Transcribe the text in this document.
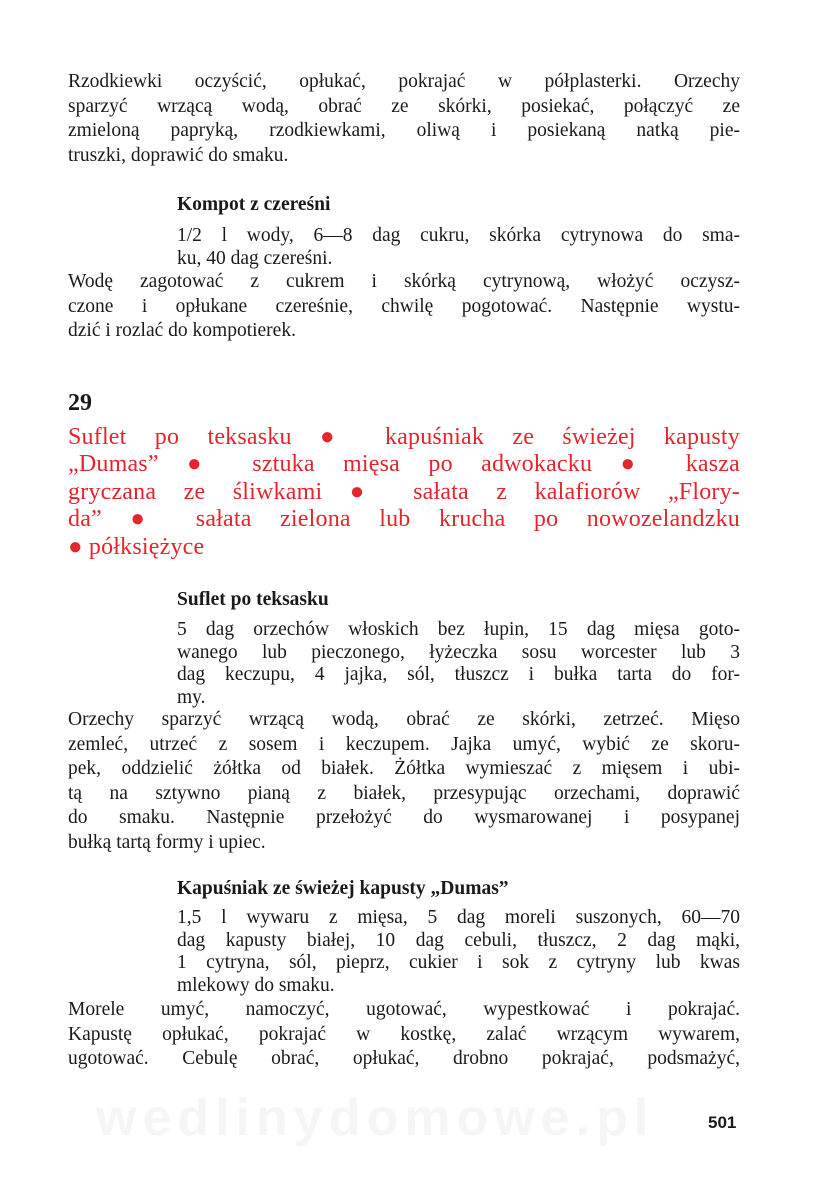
Rzodkiewki oczyścić, opłukać, pokrajać w półplasterki. Orzechy
sparzyć wrzącą wodą, obrać ze skórki, posiekać, połączyć ze
zmieloną papryką, rzodkiewkami, oliwą i posiekaną natką pie-
truszki, doprawić do smaku.
Kompot z czereśni
1/2 l wody, 6—8 dag cukru, skórka cytrynowa do sma-
ku, 40 dag czereśni.
Wodę zagotować z cukrem i skórką cytrynową, włożyć oczysz-
czone i opłukane czereśnie, chwilę pogotować. Następnie wystu-
dzić i rozlać do kompotierek.
29
Suflet po teksasku ● kapuśniak ze świeżej kapusty
„Dumas” ● sztuka mięsa po adwokacku ● kasza
gryczana ze śliwkami ● sałata z kalafiorów „Flory-
da” ● sałata zielona lub krucha po nowozelandzku
● półksiężyce
Suflet po teksasku
5 dag orzechów włoskich bez łupin, 15 dag mięsa goto-
wanego lub pieczonego, łyżeczka sosu worcester lub 3
dag keczupu, 4 jajka, sól, tłuszcz i bułka tarta do for-
my.
Orzechy sparzyć wrzącą wodą, obrać ze skórki, zetrzeć. Mięso
zemleć, utrzeć z sosem i keczupem. Jajka umyć, wybić ze skoru-
pek, oddzielić żółtka od białek. Żółtka wymieszać z mięsem i ubi-
tą na sztywno pianą z białek, przesypując orzechami, doprawić
do smaku. Następnie przełożyć do wysmarowanej i posypanej
bułką tartą formy i upiec.
Kapuśniak ze świeżej kapusty „Dumas”
1,5 l wywaru z mięsa, 5 dag moreli suszonych, 60—70
dag kapusty białej, 10 dag cebuli, tłuszcz, 2 dag mąki,
1 cytryna, sól, pieprz, cukier i sok z cytryny lub kwas
mlekowy do smaku.
Morele umyć, namoczyć, ugotować, wypestkować i pokrajać.
Kapustę opłukać, pokrajać w kostkę, zalać wrzącym wywarem,
ugotować. Cebulę obrać, opłukać, drobno pokrajać, podsmażyć,
wedlinydomowe.pl	501
